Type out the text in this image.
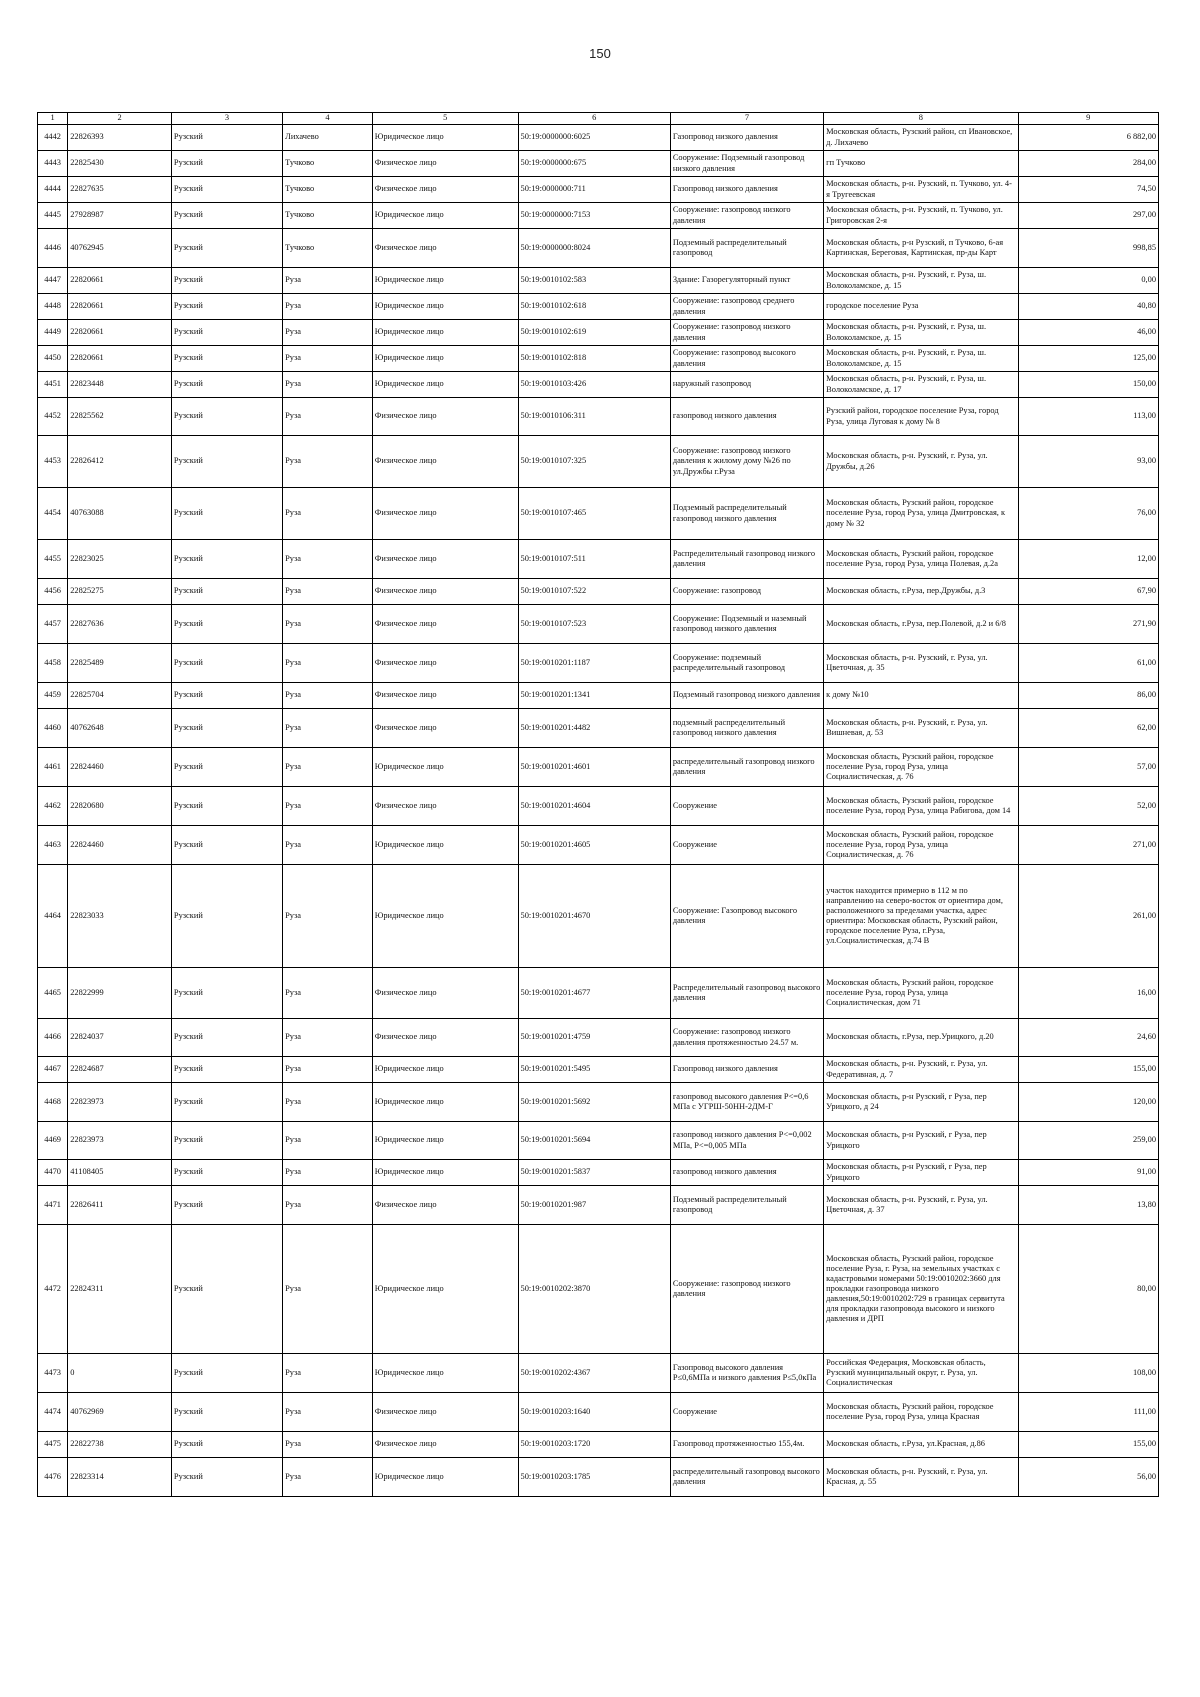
150
1	2	3	4	5	6	7	8	9
4442	22826393	Рузский	Лихачево	Юридическое лицо	50:19:0000000:6025	Газопровод низкого давления	Московская область, Рузский район, сп Ивановское, д. Лихачево	6 882,00
4443	22825430	Рузский	Тучково	Физическое лицо	50:19:0000000:675	Сооружение: Подземный газопровод низкого давления	гп Тучково	284,00
4444	22827635	Рузский	Тучково	Физическое лицо	50:19:0000000:711	Газопровод низкого давления	Московская область, р-н. Рузский, п. Тучково, ул. 4-я Тругеевская	74,50
4445	27928987	Рузский	Тучково	Юридическое лицо	50:19:0000000:7153	Сооружение: газопровод низкого давления	Московская область, р-н. Рузский, п. Тучково, ул. Григоровская 2-я	297,00
4446	40762945	Рузский	Тучково	Физическое лицо	50:19:0000000:8024	Подземный распределительный газопровод	Московская область, р-н Рузский, п Тучково, 6-ая Картинская, Береговая, Картинская, пр-ды Карт	998,85
4447	22820661	Рузский	Руза	Юридическое лицо	50:19:0010102:583	Здание: Газорегуляторный пункт	Московская область, р-н. Рузский, г. Руза, ш. Волоколамское, д. 15	0,00
4448	22820661	Рузский	Руза	Юридическое лицо	50:19:0010102:618	Сооружение: газопровод среднего давления	городское поселение Руза	40,80
4449	22820661	Рузский	Руза	Юридическое лицо	50:19:0010102:619	Сооружение: газопровод низкого давления	Московская область, р-н. Рузский, г. Руза, ш. Волоколамское, д. 15	46,00
4450	22820661	Рузский	Руза	Юридическое лицо	50:19:0010102:818	Сооружение: газопровод высокого давления	Московская область, р-н. Рузский, г. Руза, ш. Волоколамское, д. 15	125,00
4451	22823448	Рузский	Руза	Юридическое лицо	50:19:0010103:426	наружный газопровод	Московская область, р-н. Рузский, г. Руза, ш. Волоколамское, д. 17	150,00
4452	22825562	Рузский	Руза	Физическое лицо	50:19:0010106:311	газопровод низкого давления	Рузский район, городское поселение Руза, город Руза, улица Луговая к дому № 8	113,00
4453	22826412	Рузский	Руза	Физическое лицо	50:19:0010107:325	Сооружение: газопровод низкого давления к жилому дому №26 по ул.Дружбы г.Руза	Московская область, р-н. Рузский, г. Руза, ул. Дружбы, д.26	93,00
4454	40763088	Рузский	Руза	Физическое лицо	50:19:0010107:465	Подземный распределительный газопровод низкого давления	Московская область, Рузский район, городское поселение Руза, город Руза, улица Дмитровская, к дому № 32	76,00
4455	22823025	Рузский	Руза	Физическое лицо	50:19:0010107:511	Распределительный газопровод низкого давления	Московская область, Рузский район, городское поселение Руза, город Руза, улица Полевая, д.2а	12,00
4456	22825275	Рузский	Руза	Физическое лицо	50:19:0010107:522	Сооружение: газопровод	Московская область, г.Руза, пер.Дружбы, д.3	67,90
4457	22827636	Рузский	Руза	Физическое лицо	50:19:0010107:523	Сооружение: Подземный и наземный газопровод низкого давления	Московская область, г.Руза, пер.Полевой, д.2 и 6/8	271,90
4458	22825489	Рузский	Руза	Физическое лицо	50:19:0010201:1187	Сооружение: подземный распределительный газопровод	Московская область, р-н. Рузский, г. Руза, ул. Цветочная, д. 35	61,00
4459	22825704	Рузский	Руза	Физическое лицо	50:19:0010201:1341	Подземный газопровод низкого давления	к дому №10	86,00
4460	40762648	Рузский	Руза	Физическое лицо	50:19:0010201:4482	подземный распределительный газопровод низкого давления	Московская область, р-н. Рузский, г. Руза, ул. Вишневая, д. 53	62,00
4461	22824460	Рузский	Руза	Юридическое лицо	50:19:0010201:4601	распределительный газопровод низкого давления	Московская область, Рузский район, городское поселение Руза, город Руза, улица Социалистическая, д. 76	57,00
4462	22820680	Рузский	Руза	Физическое лицо	50:19:0010201:4604	Сооружение	Московская область, Рузский район, городское поселение Руза, город Руза, улица Рабигова, дом 14	52,00
4463	22824460	Рузский	Руза	Юридическое лицо	50:19:0010201:4605	Сооружение	Московская область, Рузский район, городское поселение Руза, город Руза, улица Социалистическая, д. 76	271,00
4464	22823033	Рузский	Руза	Юридическое лицо	50:19:0010201:4670	Сооружение: Газопровод высокого давления	участок находится примерно в 112 м по направлению на северо-восток от ориентира дом, расположенного за пределами участка, адрес ориентира: Московская область, Рузский район, городское поселение Руза, г.Руза, ул.Социалистическая, д.74 В	261,00
4465	22822999	Рузский	Руза	Физическое лицо	50:19:0010201:4677	Распределительный газопровод высокого давления	Московская область, Рузский район, городское поселение Руза, город Руза, улица Социалистическая, дом 71	16,00
4466	22824037	Рузский	Руза	Физическое лицо	50:19:0010201:4759	Сооружение: газопровод низкого давления протяженностью 24.57 м.	Московская область, г.Руза, пер.Урицкого, д.20	24,60
4467	22824687	Рузский	Руза	Юридическое лицо	50:19:0010201:5495	Газопровод низкого давления	Московская область, р-н. Рузский, г. Руза, ул. Федеративная, д. 7	155,00
4468	22823973	Рузский	Руза	Юридическое лицо	50:19:0010201:5692	газопровод высокого давления Р<=0,6 МПа с УГРШ-50НН-2ДМ-Г	Московская область, р-н Рузский, г Руза, пер Урицкого, д 24	120,00
4469	22823973	Рузский	Руза	Юридическое лицо	50:19:0010201:5694	газопровод низкого давления Р<=0,002 МПа, Р<=0,005 МПа	Московская область, р-н Рузский, г Руза, пер Урицкого	259,00
4470	41108405	Рузский	Руза	Юридическое лицо	50:19:0010201:5837	газопровод низкого давления	Московская область, р-н Рузский, г Руза, пер Урицкого	91,00
4471	22826411	Рузский	Руза	Физическое лицо	50:19:0010201:987	Подземный распределительный газопровод	Московская область, р-н. Рузский, г. Руза, ул. Цветочная, д. 37	13,80
4472	22824311	Рузский	Руза	Юридическое лицо	50:19:0010202:3870	Сооружение: газопровод низкого давления	Московская область, Рузский район, городское поселение Руза, г. Руза, на земельных участках с кадастровыми номерами 50:19:0010202:3660 для прокладки газопровода низкого давления,50:19:0010202:729 в границах сервитута для прокладки газопровода высокого и низкого давления и ДРП	80,00
4473	0	Рузский	Руза	Юридическое лицо	50:19:0010202:4367	Газопровод высокого давления Р≤0,6МПа и низкого давления Р≤5,0кПа	Российская Федерация, Московская область, Рузский муниципальный округ, г. Руза, ул. Социалистическая	108,00
4474	40762969	Рузский	Руза	Физическое лицо	50:19:0010203:1640	Сооружение	Московская область, Рузский район, городское поселение Руза, город Руза, улица Красная	111,00
4475	22822738	Рузский	Руза	Физическое лицо	50:19:0010203:1720	Газопровод протяженностью 155,4м.	Московская область, г.Руза, ул.Красная, д.86	155,00
4476	22823314	Рузский	Руза	Юридическое лицо	50:19:0010203:1785	распределительный газопровод высокого давления	Московская область, р-н. Рузский, г. Руза, ул. Красная, д. 55	56,00
